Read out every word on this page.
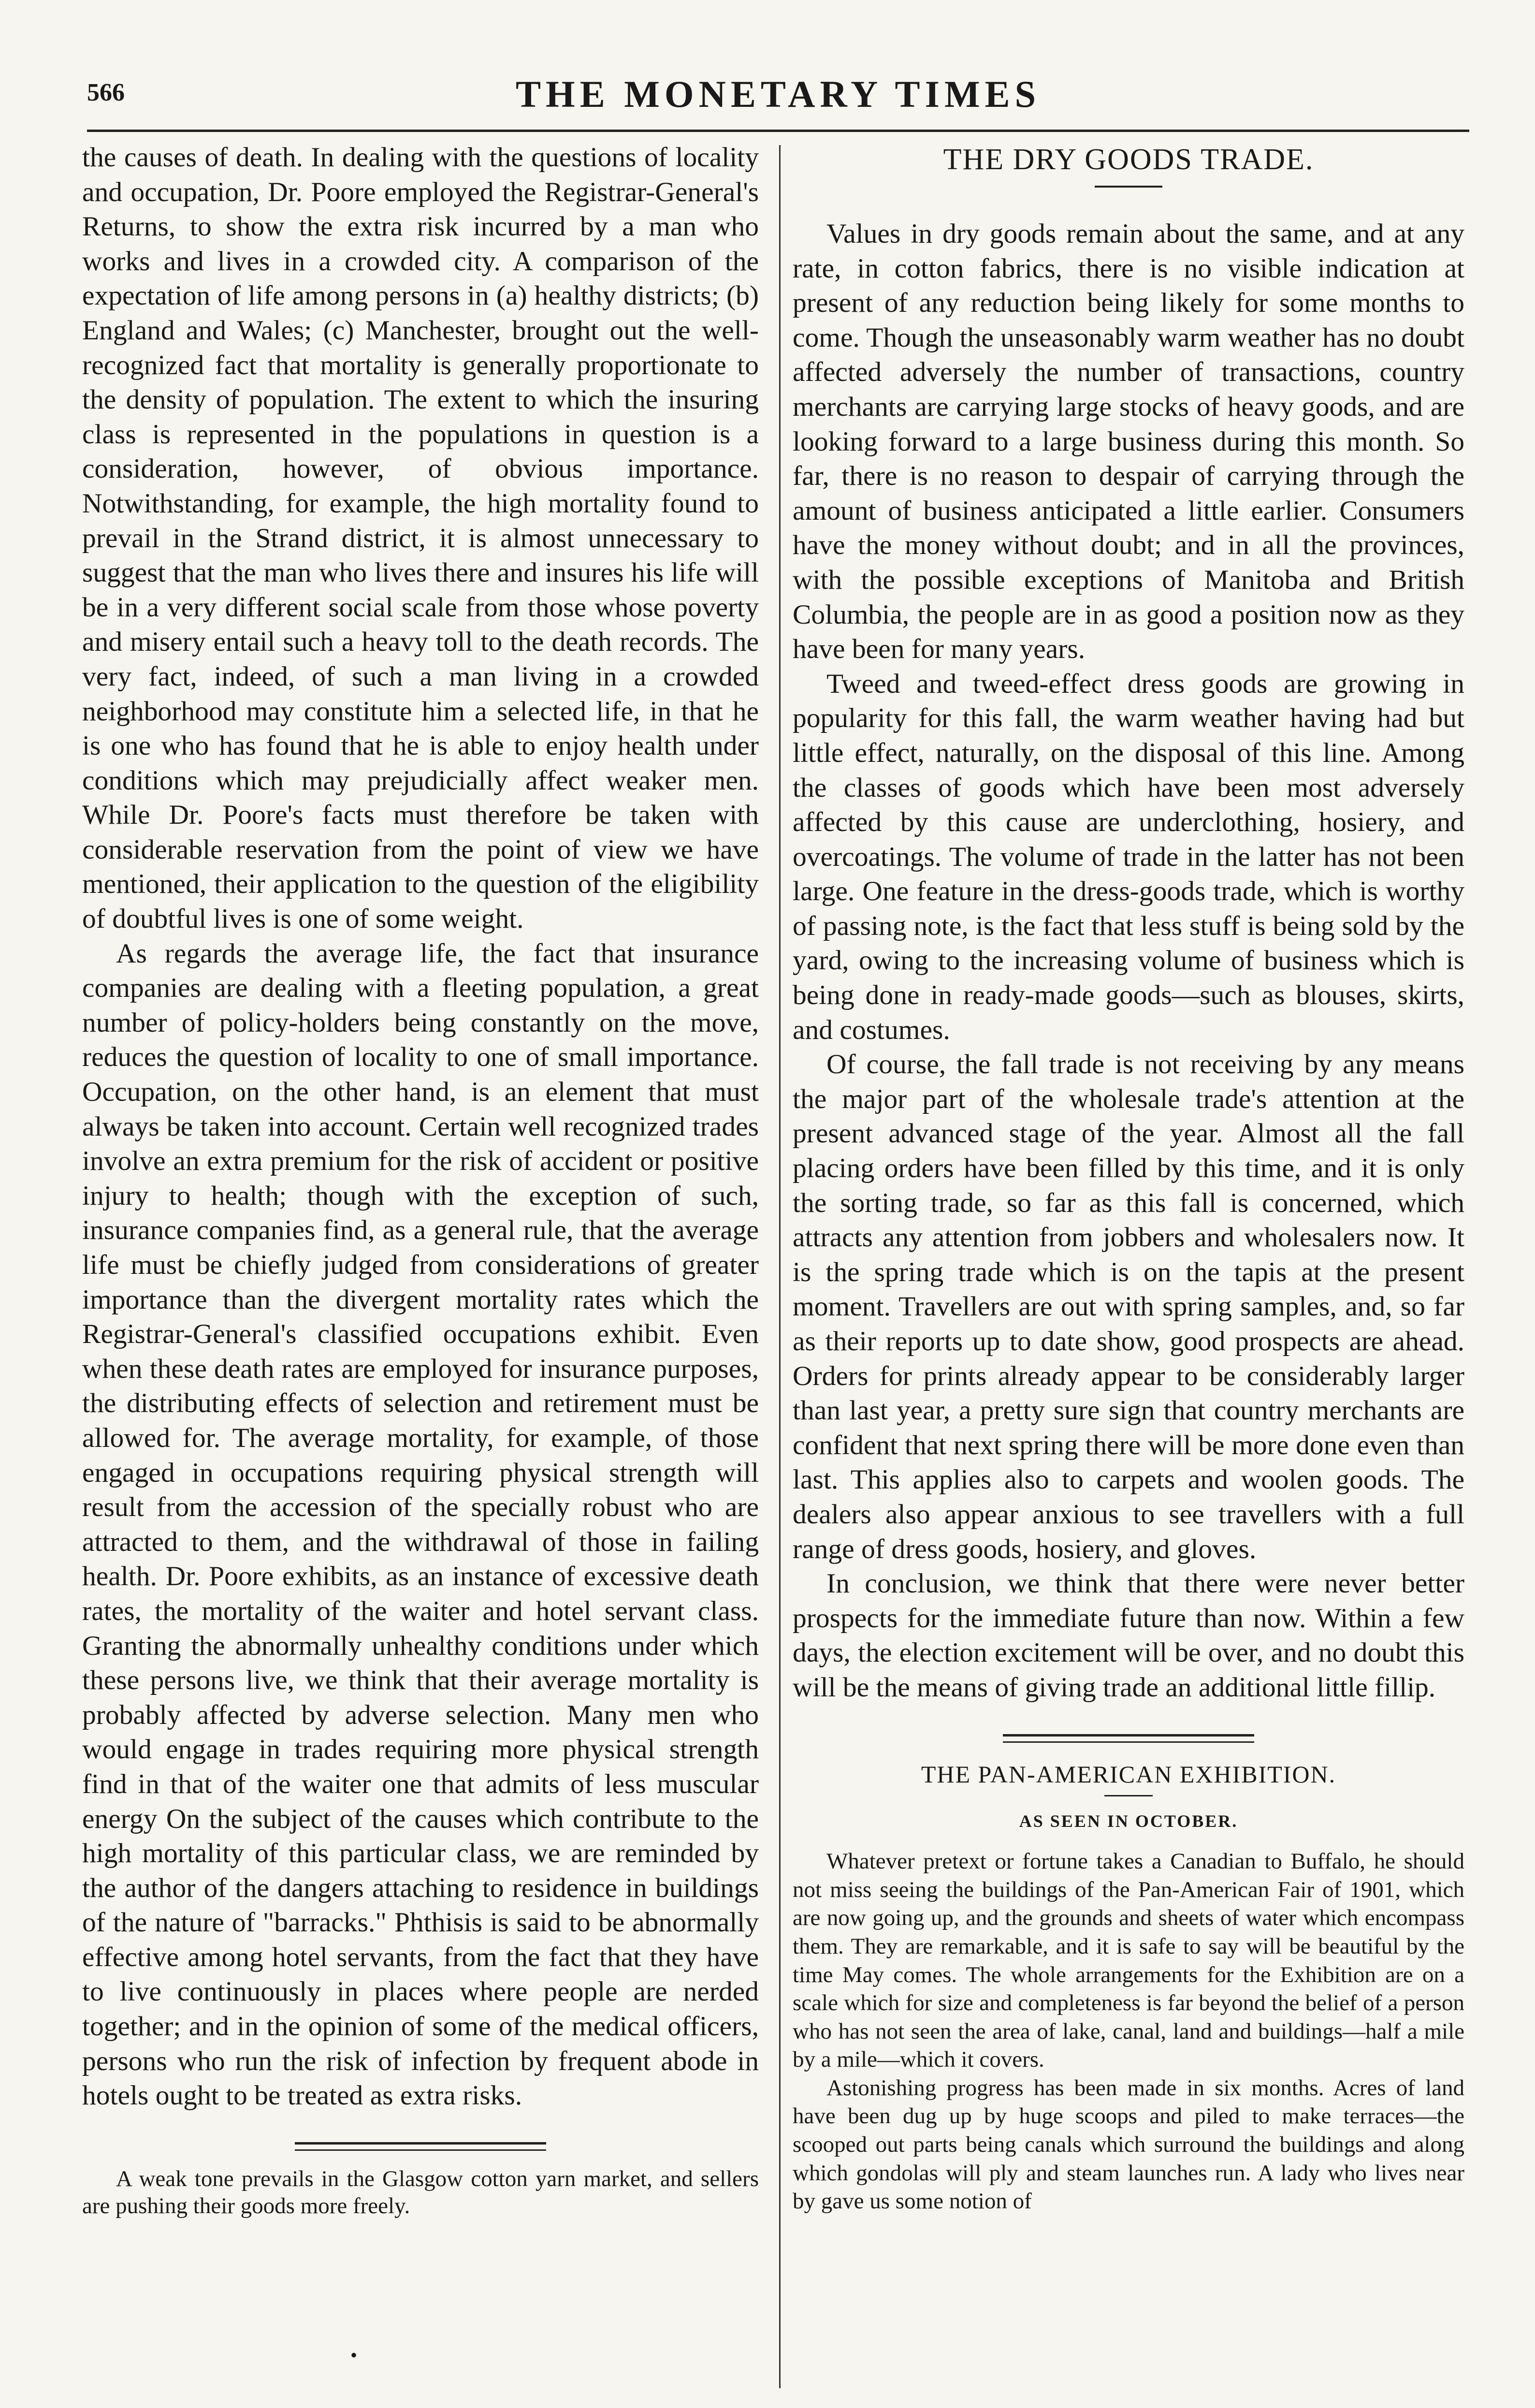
566	THE MONETARY TIMES

the causes of death. In dealing with the questions of locality and occupation, Dr. Poore employed the Registrar-General's Returns, to show the extra risk incurred by a man who works and lives in a crowded city. A comparison of the expectation of life among persons in (a) healthy districts; (b) England and Wales; (c) Manchester, brought out the well-recognized fact that mortality is generally proportionate to the density of population. The extent to which the insuring class is represented in the populations in question is a consideration, however, of obvious importance. Notwithstanding, for example, the high mortality found to prevail in the Strand district, it is almost unnecessary to suggest that the man who lives there and insures his life will be in a very different social scale from those whose poverty and misery entail such a heavy toll to the death records. The very fact, indeed, of such a man living in a crowded neighborhood may constitute him a selected life, in that he is one who has found that he is able to enjoy health under conditions which may prejudicially affect weaker men. While Dr. Poore's facts must therefore be taken with considerable reservation from the point of view we have mentioned, their application to the question of the eligibility of doubtful lives is one of some weight.

As regards the average life, the fact that insurance companies are dealing with a fleeting population, a great number of policy-holders being constantly on the move, reduces the question of locality to one of small importance. Occupation, on the other hand, is an element that must always be taken into account. Certain well recognized trades involve an extra premium for the risk of accident or positive injury to health; though with the exception of such, insurance companies find, as a general rule, that the average life must be chiefly judged from considerations of greater importance than the divergent mortality rates which the Registrar-General's classified occupations exhibit. Even when these death rates are employed for insurance purposes, the distributing effects of selection and retirement must be allowed for. The average mortality, for example, of those engaged in occupations requiring physical strength will result from the accession of the specially robust who are attracted to them, and the withdrawal of those in failing health. Dr. Poore exhibits, as an instance of excessive death rates, the mortality of the waiter and hotel servant class. Granting the abnormally unhealthy conditions under which these persons live, we think that their average mortality is probably affected by adverse selection. Many men who would engage in trades requiring more physical strength find in that of the waiter one that admits of less muscular energy On the subject of the causes which contribute to the high mortality of this particular class, we are reminded by the author of the dangers attaching to residence in buildings of the nature of "barracks." Phthisis is said to be abnormally effective among hotel servants, from the fact that they have to live continuously in places where people are nerded together; and in the opinion of some of the medical officers, persons who run the risk of infection by frequent abode in hotels ought to be treated as extra risks.

A weak tone prevails in the Glasgow cotton yarn market, and sellers are pushing their goods more freely.

THE DRY GOODS TRADE.

Values in dry goods remain about the same, and at any rate, in cotton fabrics, there is no visible indication at present of any reduction being likely for some months to come. Though the unseasonably warm weather has no doubt affected adversely the number of transactions, country merchants are carrying large stocks of heavy goods, and are looking forward to a large business during this month. So far, there is no reason to despair of carrying through the amount of business anticipated a little earlier. Consumers have the money without doubt; and in all the provinces, with the possible exceptions of Manitoba and British Columbia, the people are in as good a position now as they have been for many years.

Tweed and tweed-effect dress goods are growing in popularity for this fall, the warm weather having had but little effect, naturally, on the disposal of this line. Among the classes of goods which have been most adversely affected by this cause are underclothing, hosiery, and overcoatings. The volume of trade in the latter has not been large. One feature in the dress-goods trade, which is worthy of passing note, is the fact that less stuff is being sold by the yard, owing to the increasing volume of business which is being done in ready-made goods—such as blouses, skirts, and costumes.

Of course, the fall trade is not receiving by any means the major part of the wholesale trade's attention at the present advanced stage of the year. Almost all the fall placing orders have been filled by this time, and it is only the sorting trade, so far as this fall is concerned, which attracts any attention from jobbers and wholesalers now. It is the spring trade which is on the tapis at the present moment. Travellers are out with spring samples, and, so far as their reports up to date show, good prospects are ahead. Orders for prints already appear to be considerably larger than last year, a pretty sure sign that country merchants are confident that next spring there will be more done even than last. This applies also to carpets and woolen goods. The dealers also appear anxious to see travellers with a full range of dress goods, hosiery, and gloves.

In conclusion, we think that there were never better prospects for the immediate future than now. Within a few days, the election excitement will be over, and no doubt this will be the means of giving trade an additional little fillip.

THE PAN-AMERICAN EXHIBITION.
AS SEEN IN OCTOBER.

Whatever pretext or fortune takes a Canadian to Buffalo, he should not miss seeing the buildings of the Pan-American Fair of 1901, which are now going up, and the grounds and sheets of water which encompass them. They are remarkable, and it is safe to say will be beautiful by the time May comes. The whole arrangements for the Exhibition are on a scale which for size and completeness is far beyond the belief of a person who has not seen the area of lake, canal, land and buildings—half a mile by a mile—which it covers.

Astonishing progress has been made in six months. Acres of land have been dug up by huge scoops and piled to make terraces—the scooped out parts being canals which surround the buildings and along which gondolas will ply and steam launches run. A lady who lives near by gave us some notion of

•
